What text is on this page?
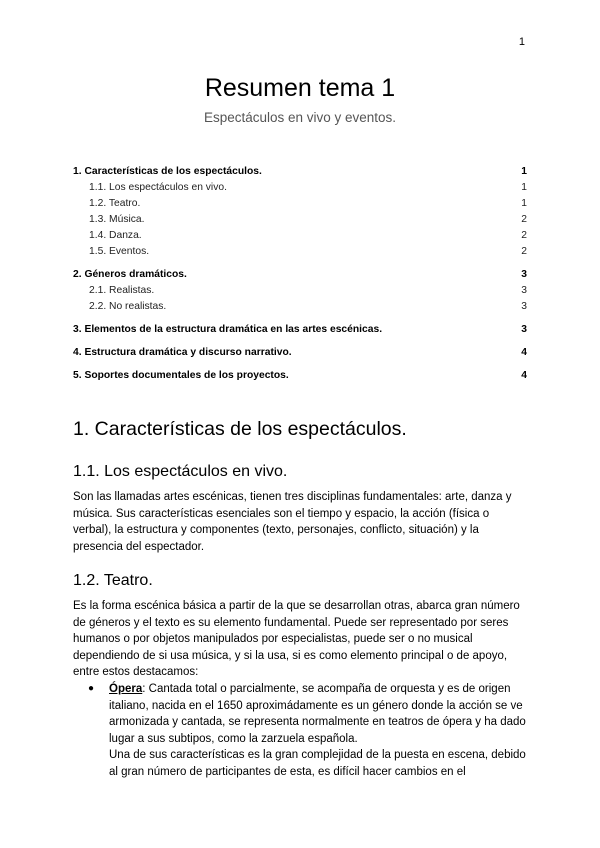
1
Resumen tema 1
Espectáculos en vivo y eventos.
1. Características de los espectáculos.	1
1.1. Los espectáculos en vivo.	1
1.2. Teatro.	1
1.3. Música.	2
1.4. Danza.	2
1.5. Eventos.	2
2. Géneros dramáticos.	3
2.1. Realistas.	3
2.2. No realistas.	3
3. Elementos de la estructura dramática en las artes escénicas.	3
4. Estructura dramática y discurso narrativo.	4
5. Soportes documentales de los proyectos.	4
1. Características de los espectáculos.
1.1. Los espectáculos en vivo.
Son las llamadas artes escénicas, tienen tres disciplinas fundamentales: arte, danza y música. Sus características esenciales son el tiempo y espacio, la acción (física o verbal), la estructura y componentes (texto, personajes, conflicto, situación) y la presencia del espectador.
1.2. Teatro.
Es la forma escénica básica a partir de la que se desarrollan otras, abarca gran número de géneros y el texto es su elemento fundamental. Puede ser representado por seres humanos o por objetos manipulados por especialistas, puede ser o no musical dependiendo de si usa música, y si la usa, si es como elemento principal o de apoyo, entre estos destacamos:
●	Ópera: Cantada total o parcialmente, se acompaña de orquesta y es de origen italiano, nacida en el 1650 aproximádamente es un género donde la acción se ve armonizada y cantada, se representa normalmente en teatros de ópera y ha dado lugar a sus subtipos, como la zarzuela española.
Una de sus características es la gran complejidad de la puesta en escena, debido al gran número de participantes de esta, es difícil hacer cambios en el
